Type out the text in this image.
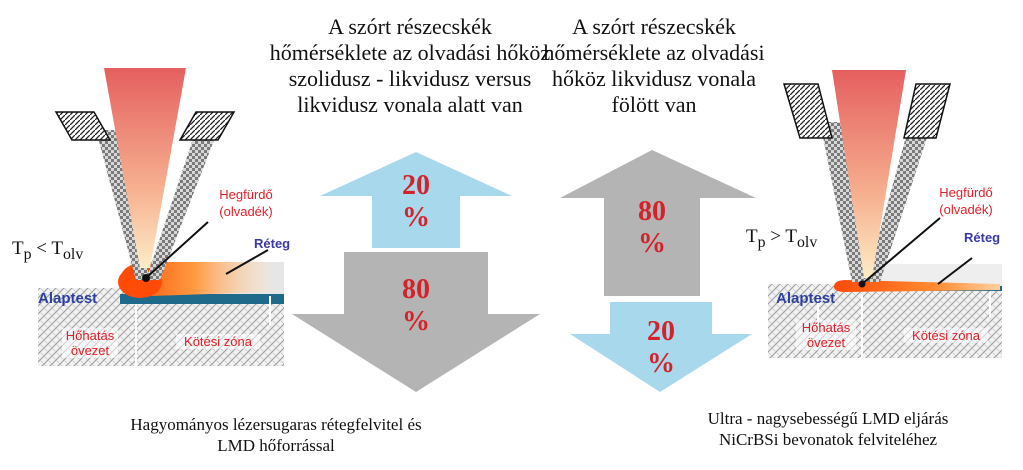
A szórt részecskék
hőmérséklete az olvadási hőköz
szolidusz - likvidusz versus
likvidusz vonala alatt van
A szórt részecskék
hőmérséklete az olvadási
hőköz likvidusz vonala
fölött van
20
%
80
%
80
%
20
%
$T_p < T_{olv}$
Hegfürdő
(olvadék)
Réteg
Alaptest
Hőhatás
övezet
Kötési zóna
$T_p > T_{olv}$
Hegfürdő
(olvadék)
Réteg
Alaptest
Hőhatás
övezet	Kötési zóna
Hagyományos lézersugaras rétegfelvitel és
LMD hőforrással
Ultra - nagysebességű LMD eljárás
NiCrBSi bevonatok felviteléhez
